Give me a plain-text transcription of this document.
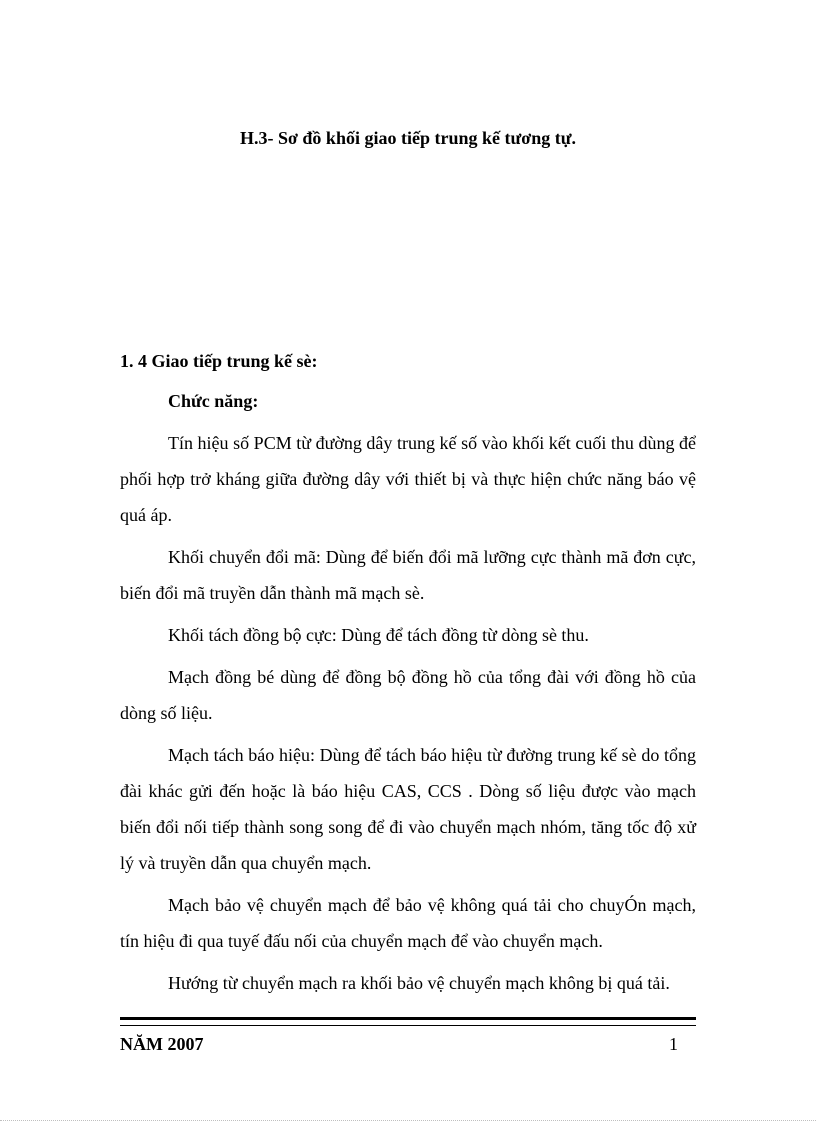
H.3- Sơ đồ khối giao tiếp trung kế tương tự.

1. 4 Giao tiếp trung kế sè:

Chức năng:

Tín hiệu số PCM từ đường dây trung kế số vào khối kết cuối thu dùng để phối hợp trở kháng giữa đường dây với thiết bị và thực hiện chức năng báo vệ quá áp.

Khối chuyển đổi mã: Dùng để biến đổi mã lưỡng cực thành mã đơn cực, biến đổi mã truyền dẫn thành mã mạch sè.

Khối tách đồng bộ cực: Dùng để tách đồng từ dòng sè thu.

Mạch đồng bé dùng để đồng bộ đồng hồ của tổng đài với đồng hồ của dòng số liệu.

Mạch tách báo hiệu: Dùng để tách báo hiệu từ đường trung kế sè do tổng đài khác gửi đến hoặc là báo hiệu CAS, CCS . Dòng số liệu được vào mạch biến đổi nối tiếp thành song song để đi vào chuyển mạch nhóm, tăng tốc độ xử lý và truyền dẫn qua chuyển mạch.

Mạch bảo vệ chuyển mạch để bảo vệ không quá tải cho chuyÓn mạch, tín hiệu đi qua tuyế đấu nối của chuyển mạch để vào chuyển mạch.

Hướng từ chuyển mạch ra khối bảo vệ chuyển mạch không bị quá tải.

NĂM 2007	1
